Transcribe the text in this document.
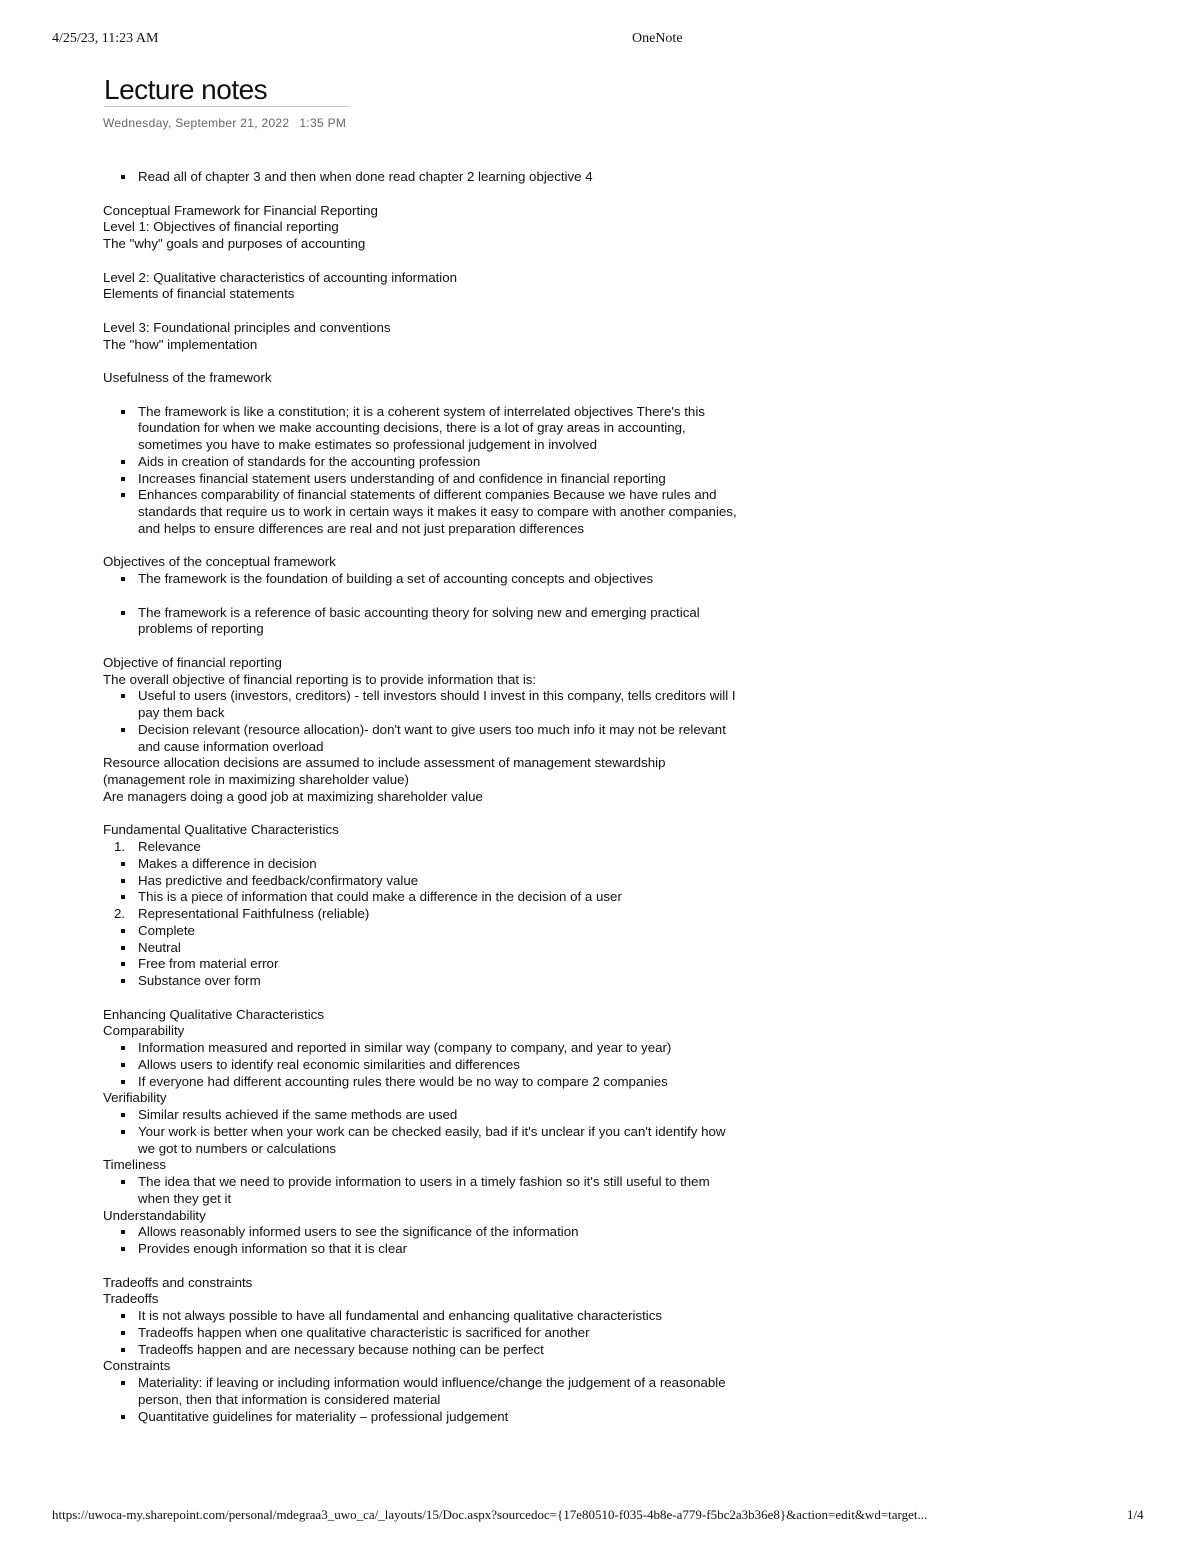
4/25/23, 11:23 AM	OneNote
Lecture notes
Wednesday, September 21, 2022 1:35 PM
Read all of chapter 3 and then when done read chapter 2 learning objective 4

Conceptual Framework for Financial Reporting

Level 1: Objectives of financial reporting

The "why" goals and purposes of accounting

Level 2: Qualitative characteristics of accounting information

Elements of financial statements

Level 3: Foundational principles and conventions

The "how" implementation

Usefulness of the framework

The framework is like a constitution; it is a coherent system of interrelated objectives There's this foundation for when we make accounting decisions, there is a lot of gray areas in accounting, sometimes you have to make estimates so professional judgement in involved
Aids in creation of standards for the accounting profession
Increases financial statement users understanding of and confidence in financial reporting
Enhances comparability of financial statements of different companies Because we have rules and standards that require us to work in certain ways it makes it easy to compare with another companies, and helps to ensure differences are real and not just preparation differences

Objectives of the conceptual framework

The framework is the foundation of building a set of accounting concepts and objectives
The framework is a reference of basic accounting theory for solving new and emerging practical problems of reporting

Objective of financial reporting

The overall objective of financial reporting is to provide information that is:

Useful to users (investors, creditors) - tell investors should I invest in this company, tells creditors will I pay them back
Decision relevant (resource allocation)- don't want to give users too much info it may not be relevant and cause information overload

Resource allocation decisions are assumed to include assessment of management stewardship (management role in maximizing shareholder value)

Are managers doing a good job at maximizing shareholder value

Fundamental Qualitative Characteristics

1. Relevance
Makes a difference in decision
Has predictive and feedback/confirmatory value
This is a piece of information that could make a difference in the decision of a user
2. Representational Faithfulness (reliable)
Complete
Neutral
Free from material error
Substance over form

Enhancing Qualitative Characteristics

Comparability

Information measured and reported in similar way (company to company, and year to year)
Allows users to identify real economic similarities and differences
If everyone had different accounting rules there would be no way to compare 2 companies

Verifiability

Similar results achieved if the same methods are used
Your work is better when your work can be checked easily, bad if it's unclear if you can't identify how we got to numbers or calculations

Timeliness

The idea that we need to provide information to users in a timely fashion so it's still useful to them when they get it

Understandability

Allows reasonably informed users to see the significance of the information
Provides enough information so that it is clear

Tradeoffs and constraints

Tradeoffs

It is not always possible to have all fundamental and enhancing qualitative characteristics
Tradeoffs happen when one qualitative characteristic is sacrificed for another
Tradeoffs happen and are necessary because nothing can be perfect

Constraints

Materiality: if leaving or including information would influence/change the judgement of a reasonable person, then that information is considered material
Quantitative guidelines for materiality – professional judgement
https://uwoca-my.sharepoint.com/personal/mdegraa3_uwo_ca/_layouts/15/Doc.aspx?sourcedoc={17e80510-f035-4b8e-a779-f5bc2a3b36e8}&action=edit&wd=target...	1/4
